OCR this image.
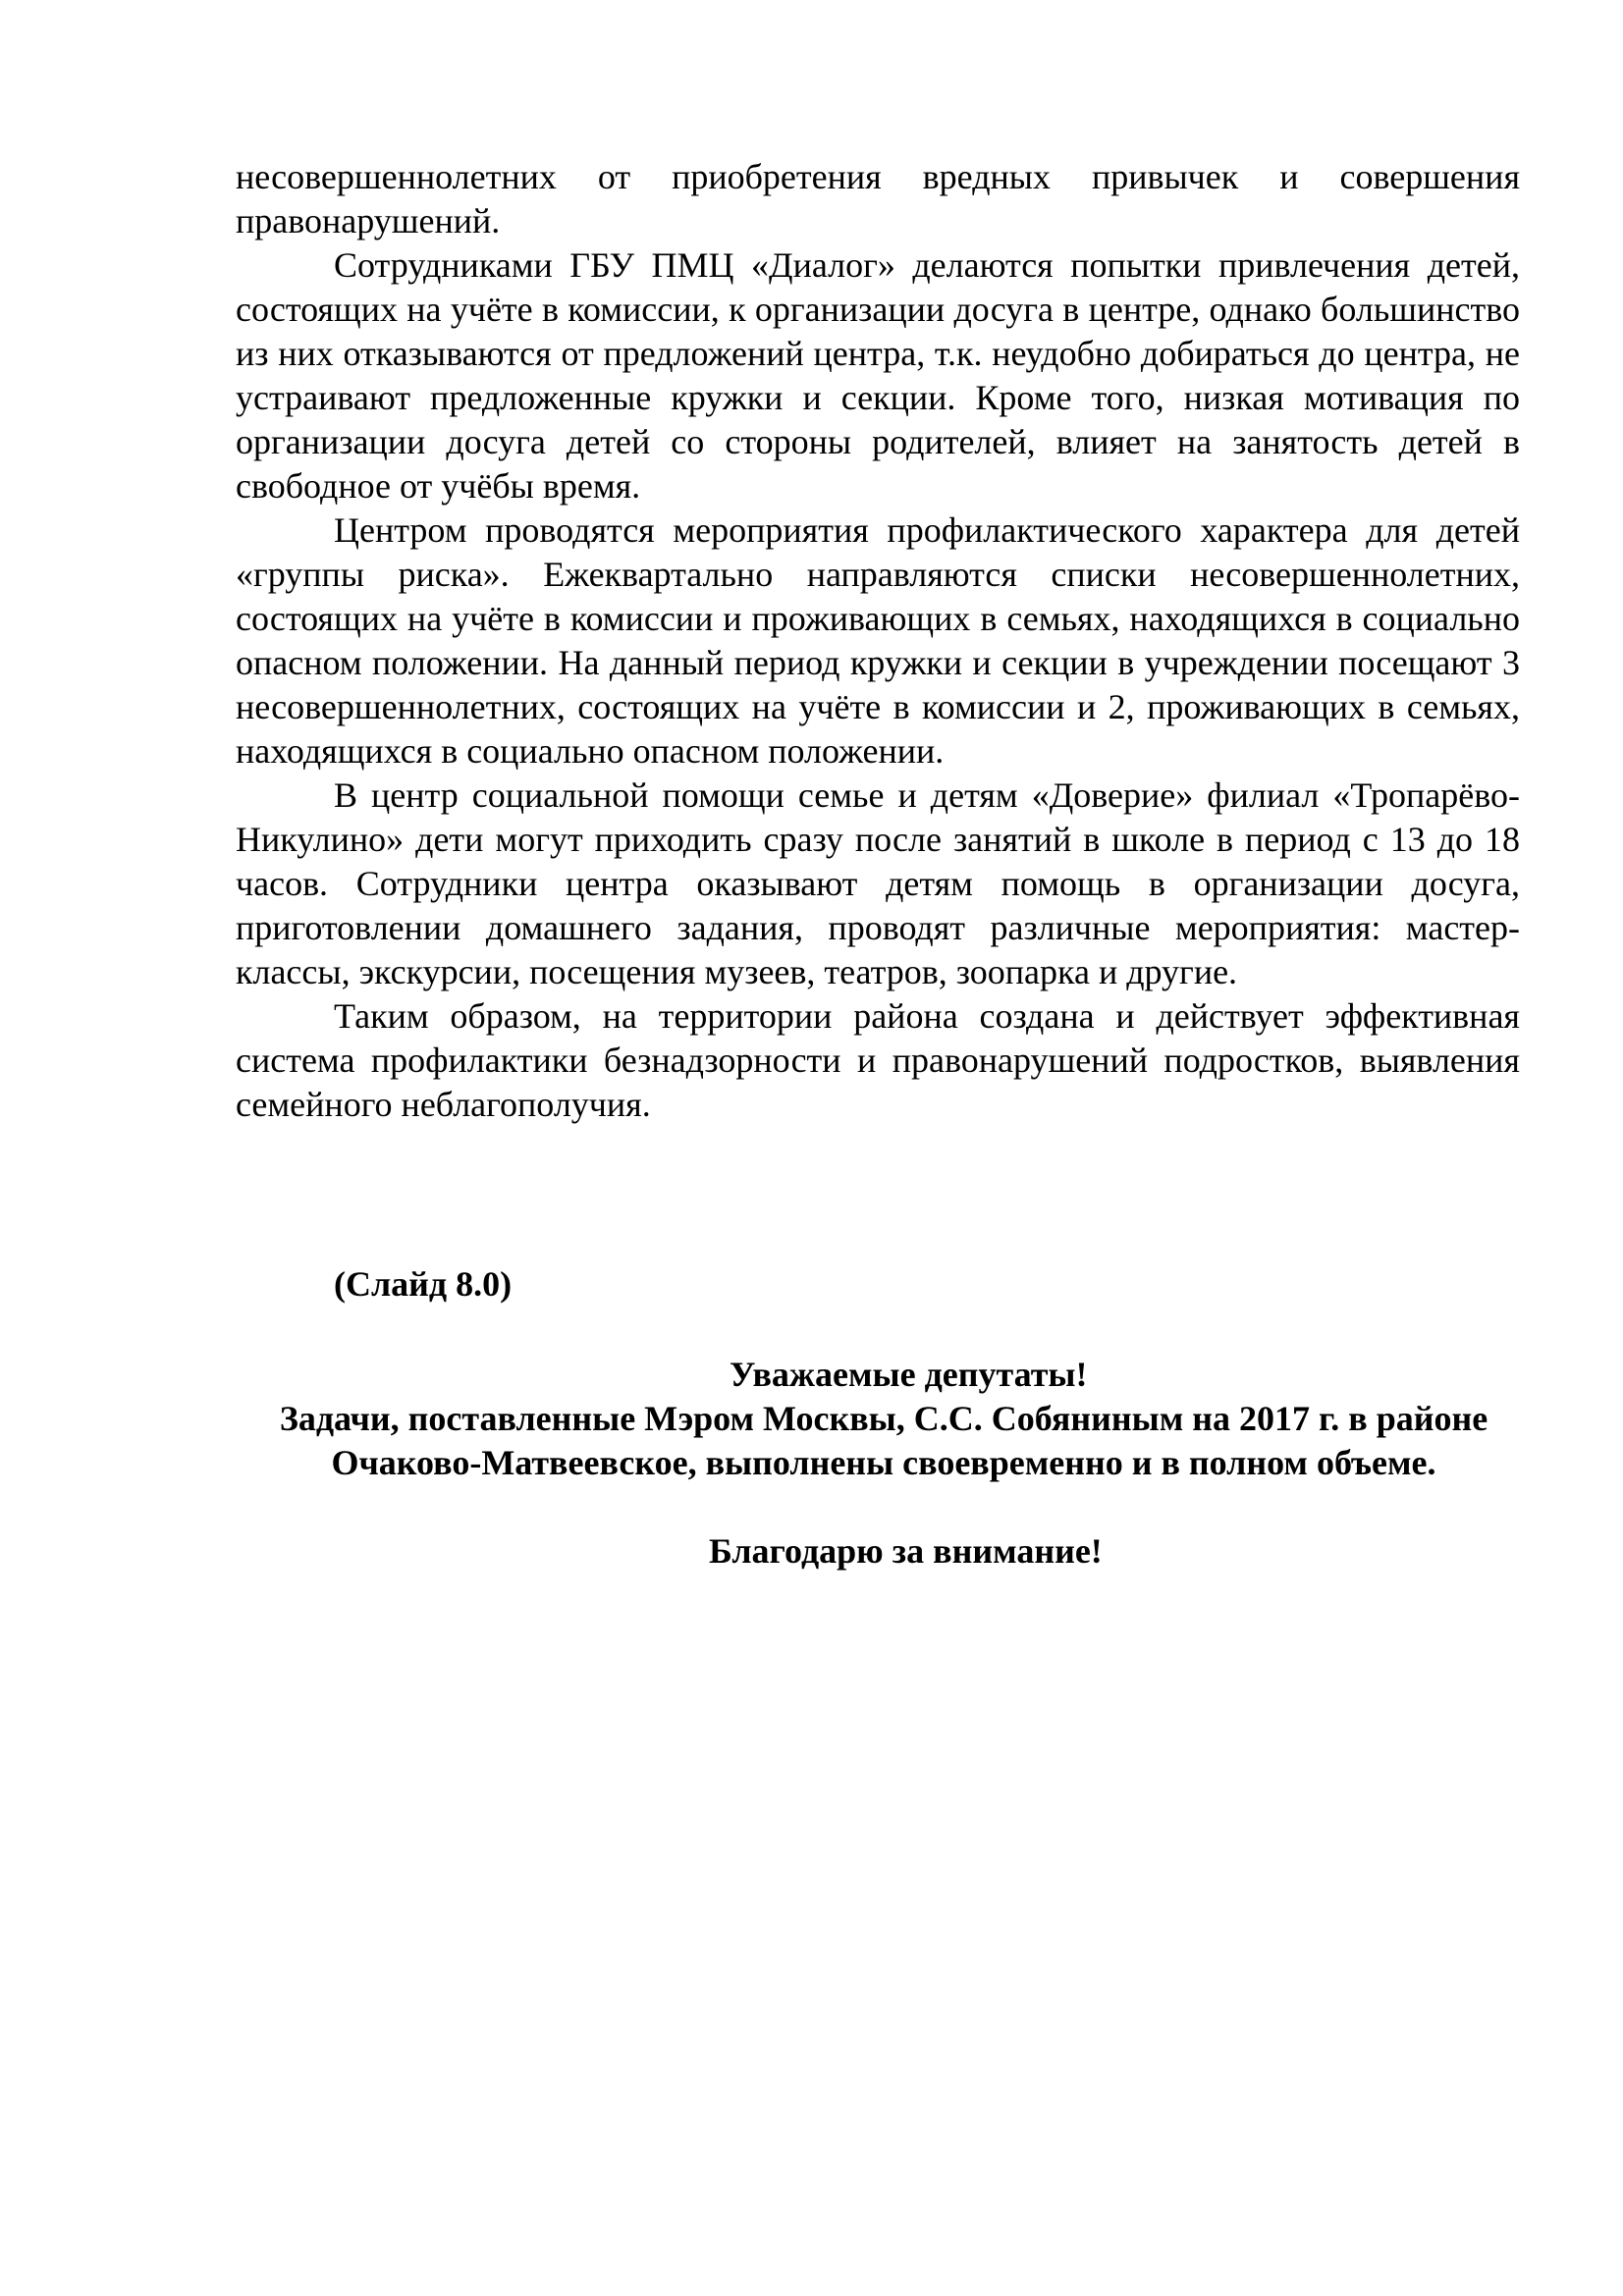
несовершеннолетних от приобретения вредных привычек и совершения правонарушений.

Сотрудниками ГБУ ПМЦ «Диалог» делаются попытки привлечения детей, состоящих на учёте в комиссии, к организации досуга в центре, однако большинство из них отказываются от предложений центра, т.к. неудобно добираться до центра, не устраивают предложенные кружки и секции. Кроме того, низкая мотивация по организации досуга детей со стороны родителей, влияет на занятость детей в свободное от учёбы время.

Центром проводятся мероприятия профилактического характера для детей «группы риска». Ежеквартально направляются списки несовершеннолетних, состоящих на учёте в комиссии и проживающих в семьях, находящихся в социально опасном положении. На данный период кружки и секции в учреждении посещают 3 несовершеннолетних, состоящих на учёте в комиссии и 2, проживающих в семьях, находящихся в социально опасном положении.

В центр социальной помощи семье и детям «Доверие» филиал «Тропарёво-Никулино» дети могут приходить сразу после занятий в школе в период с 13 до 18 часов. Сотрудники центра оказывают детям помощь в организации досуга, приготовлении домашнего задания, проводят различные мероприятия: мастер-классы, экскурсии, посещения музеев, театров, зоопарка и другие.

Таким образом, на территории района создана и действует эффективная система профилактики безнадзорности и правонарушений подростков, выявления семейного неблагополучия.

(Слайд 8.0)

Уважаемые депутаты!

Задачи, поставленные Мэром Москвы, С.С. Собяниным на 2017 г. в районе Очаково-Матвеевское, выполнены своевременно и в полном объеме.

Благодарю за внимание!
